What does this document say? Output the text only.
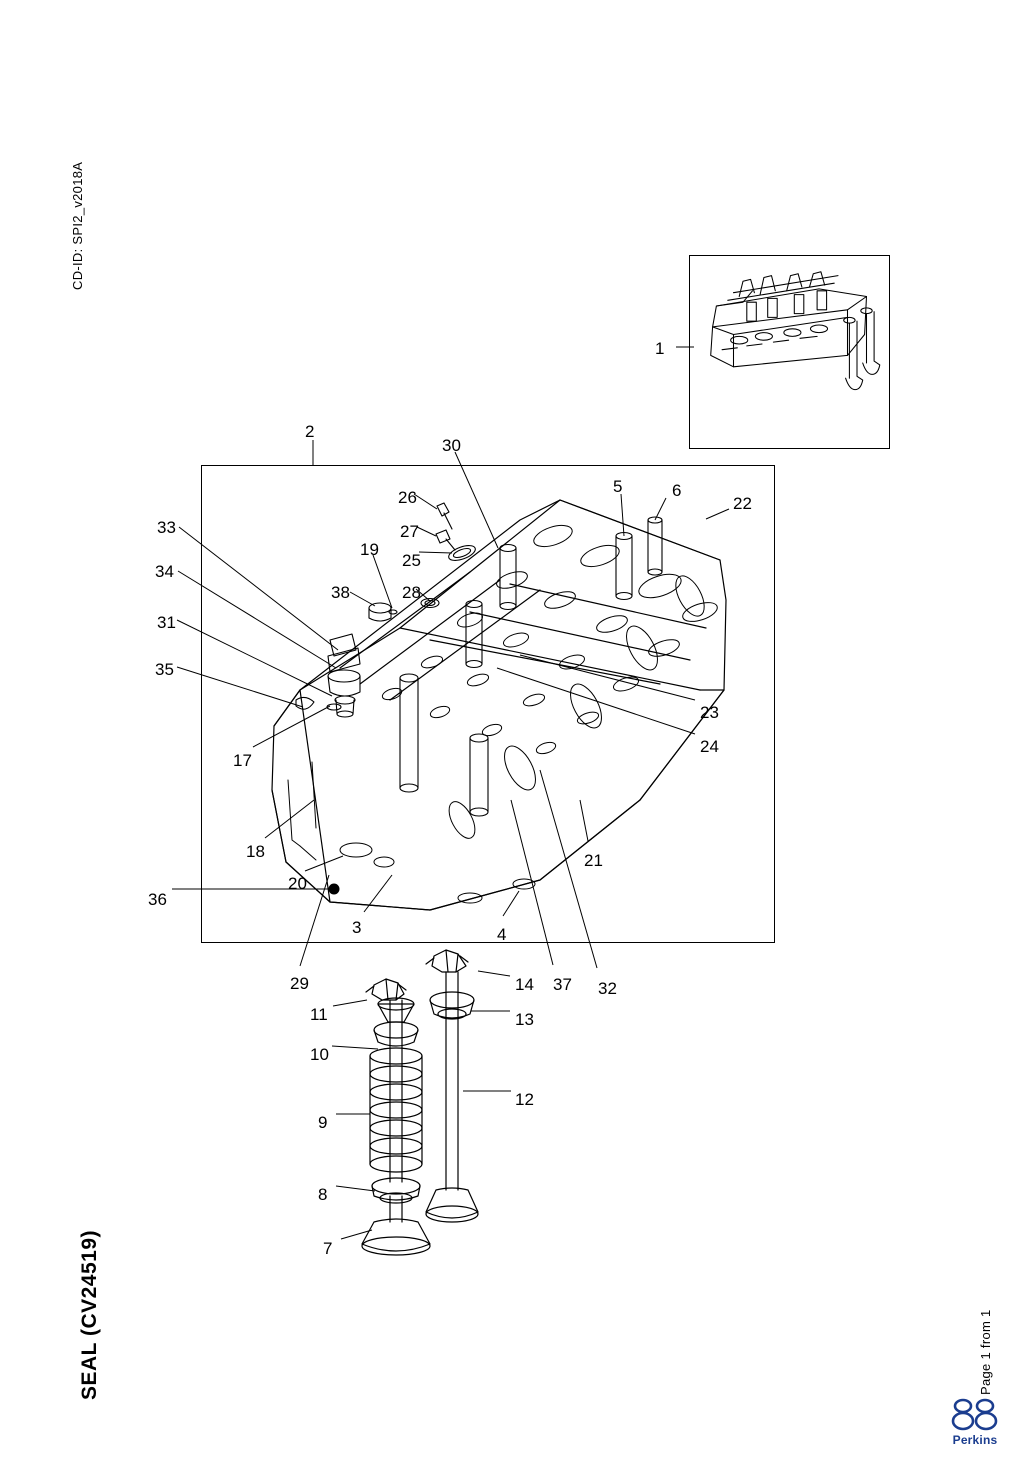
CD-ID: SPI2_v2018A
SEAL (CV24519)	Page 1 from 1
1
2
3	4
5	6
7
8
9
10
11
12
13
14
17
18
19
20
21
22
23
24
25
26
27
28
29
30
31
32
33
34
35
36
37
38
Perkins
